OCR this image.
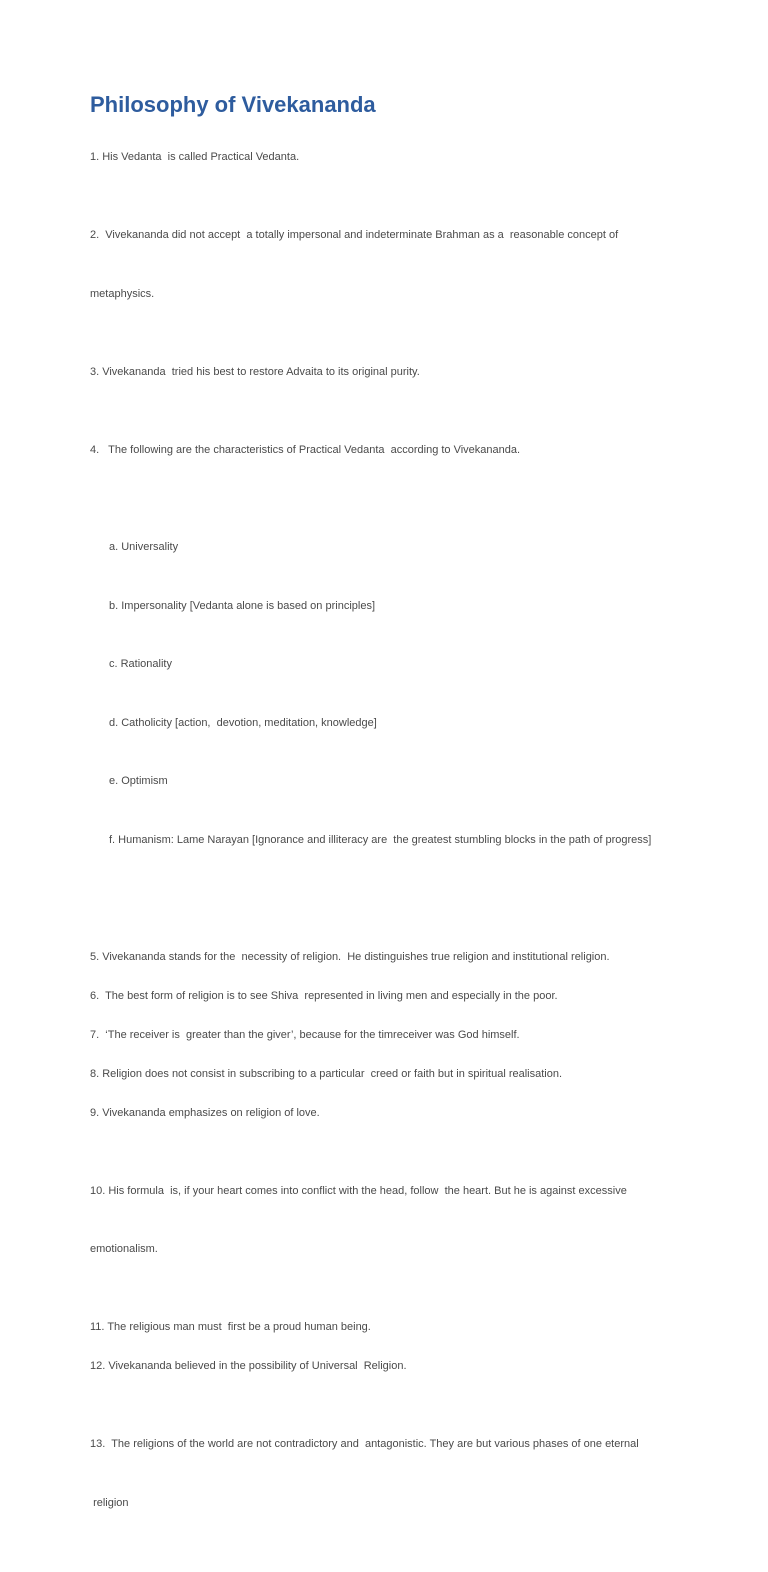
Philosophy of Vivekananda
1. His Vedanta  is called Practical Vedanta.

2.  Vivekananda did not accept  a totally impersonal and indeterminate Brahman as a  reasonable concept of

metaphysics.

3. Vivekananda  tried his best to restore Advaita to its original purity.

4.   The following are the characteristics of Practical Vedanta  according to Vivekananda.

a. Universality

b. Impersonality [Vedanta alone is based on principles]

c. Rationality

d. Catholicity [action,  devotion, meditation, knowledge]

e. Optimism

f. Humanism: Lame Narayan [Ignorance and illiteracy are  the greatest stumbling blocks in the path of progress]

5. Vivekananda stands for the  necessity of religion.  He distinguishes true religion and institutional religion.
6.  The best form of religion is to see Shiva  represented in living men and especially in the poor.
7.  ‘The receiver is  greater than the giver’, because for the timreceiver was God himself.
8. Religion does not consist in subscribing to a particular  creed or faith but in spiritual realisation.
9. Vivekananda emphasizes on religion of love.

10. His formula  is, if your heart comes into conflict with the head, follow  the heart. But he is against excessive

emotionalism.

11. The religious man must  first be a proud human being.
12. Vivekananda believed in the possibility of Universal  Religion.

13.  The religions of the world are not contradictory and  antagonistic. They are but various phases of one eternal

religion
